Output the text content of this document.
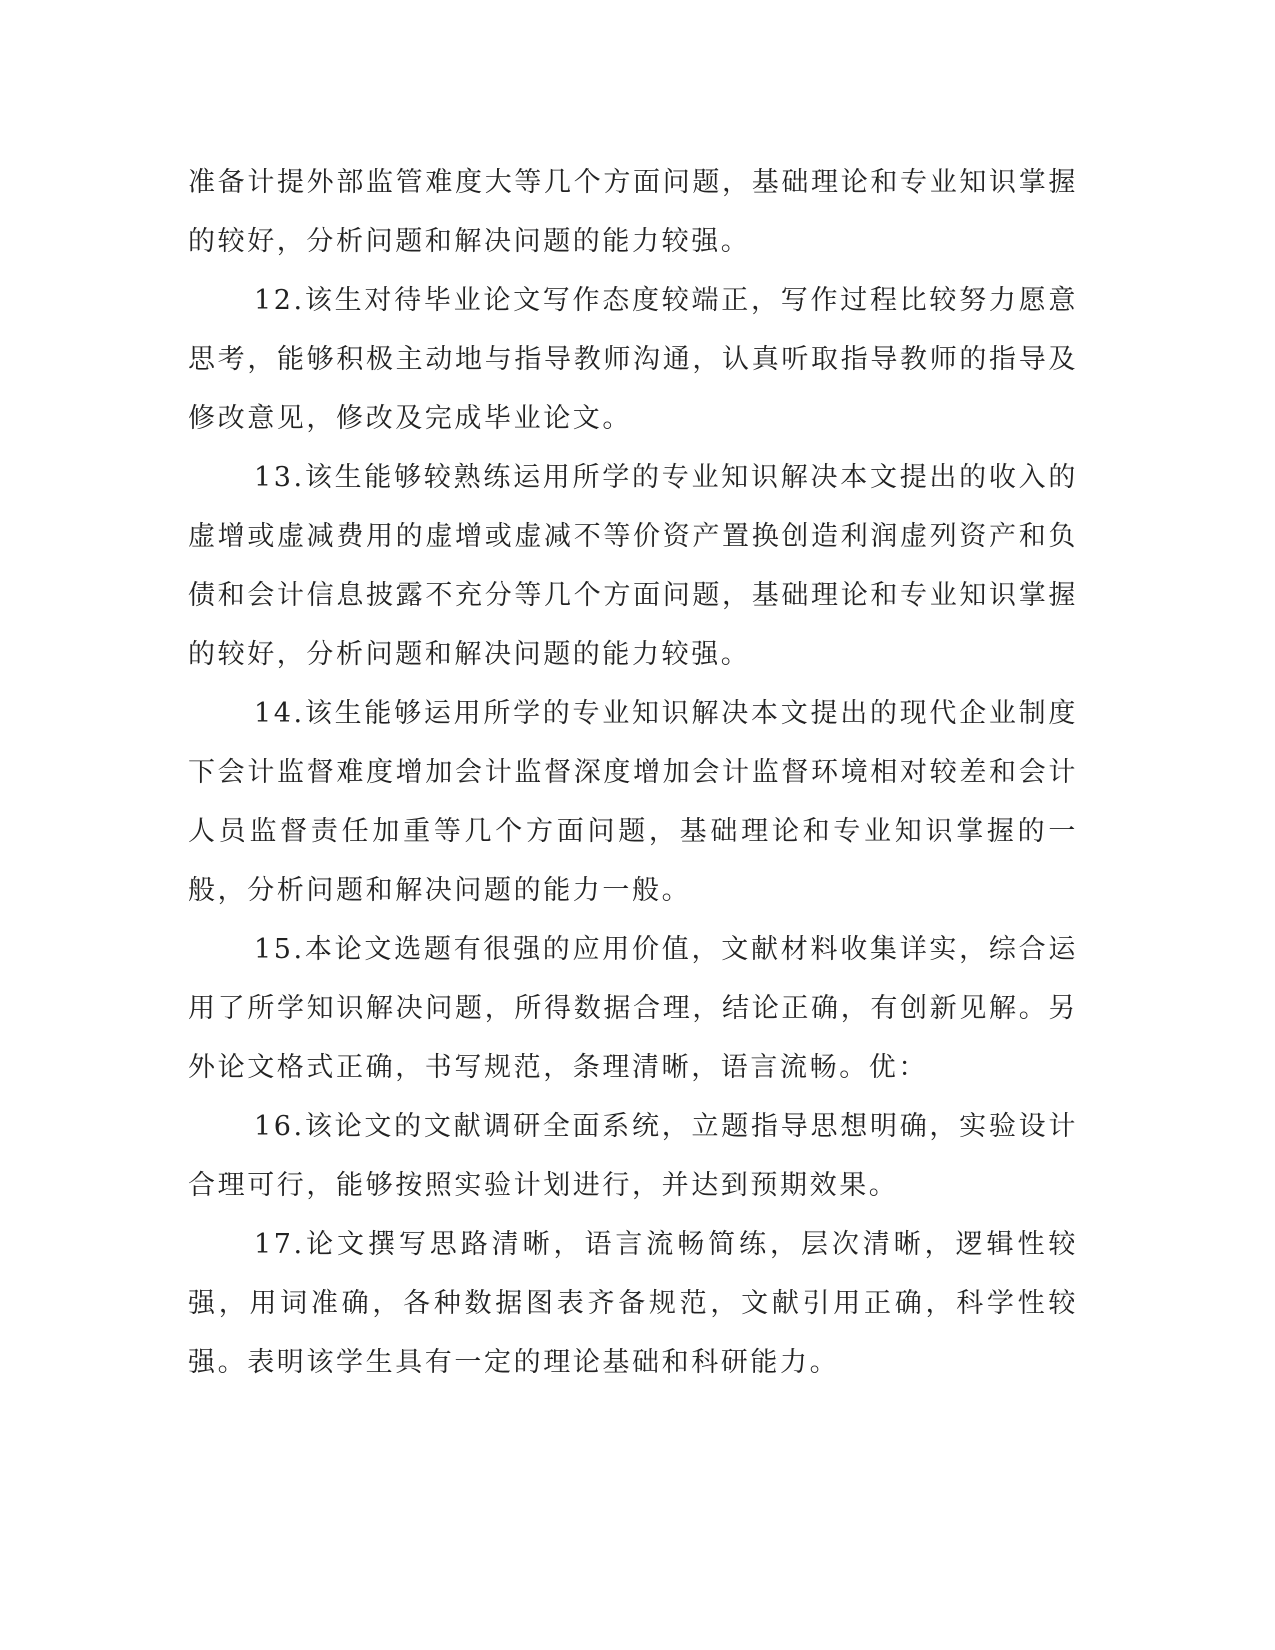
准备计提外部监管难度大等几个方面问题，基础理论和专业知识掌握的较好，分析问题和解决问题的能力较强。

12.该生对待毕业论文写作态度较端正，写作过程比较努力愿意思考，能够积极主动地与指导教师沟通，认真听取指导教师的指导及修改意见，修改及完成毕业论文。

13.该生能够较熟练运用所学的专业知识解决本文提出的收入的虚增或虚减费用的虚增或虚减不等价资产置换创造利润虚列资产和负债和会计信息披露不充分等几个方面问题，基础理论和专业知识掌握的较好，分析问题和解决问题的能力较强。

14.该生能够运用所学的专业知识解决本文提出的现代企业制度下会计监督难度增加会计监督深度增加会计监督环境相对较差和会计人员监督责任加重等几个方面问题，基础理论和专业知识掌握的一般，分析问题和解决问题的能力一般。

15.本论文选题有很强的应用价值，文献材料收集详实，综合运用了所学知识解决问题，所得数据合理，结论正确，有创新见解。另外论文格式正确，书写规范，条理清晰，语言流畅。优：

16.该论文的文献调研全面系统，立题指导思想明确，实验设计合理可行，能够按照实验计划进行，并达到预期效果。

17.论文撰写思路清晰，语言流畅简练，层次清晰，逻辑性较强，用词准确，各种数据图表齐备规范，文献引用正确，科学性较强。表明该学生具有一定的理论基础和科研能力。
